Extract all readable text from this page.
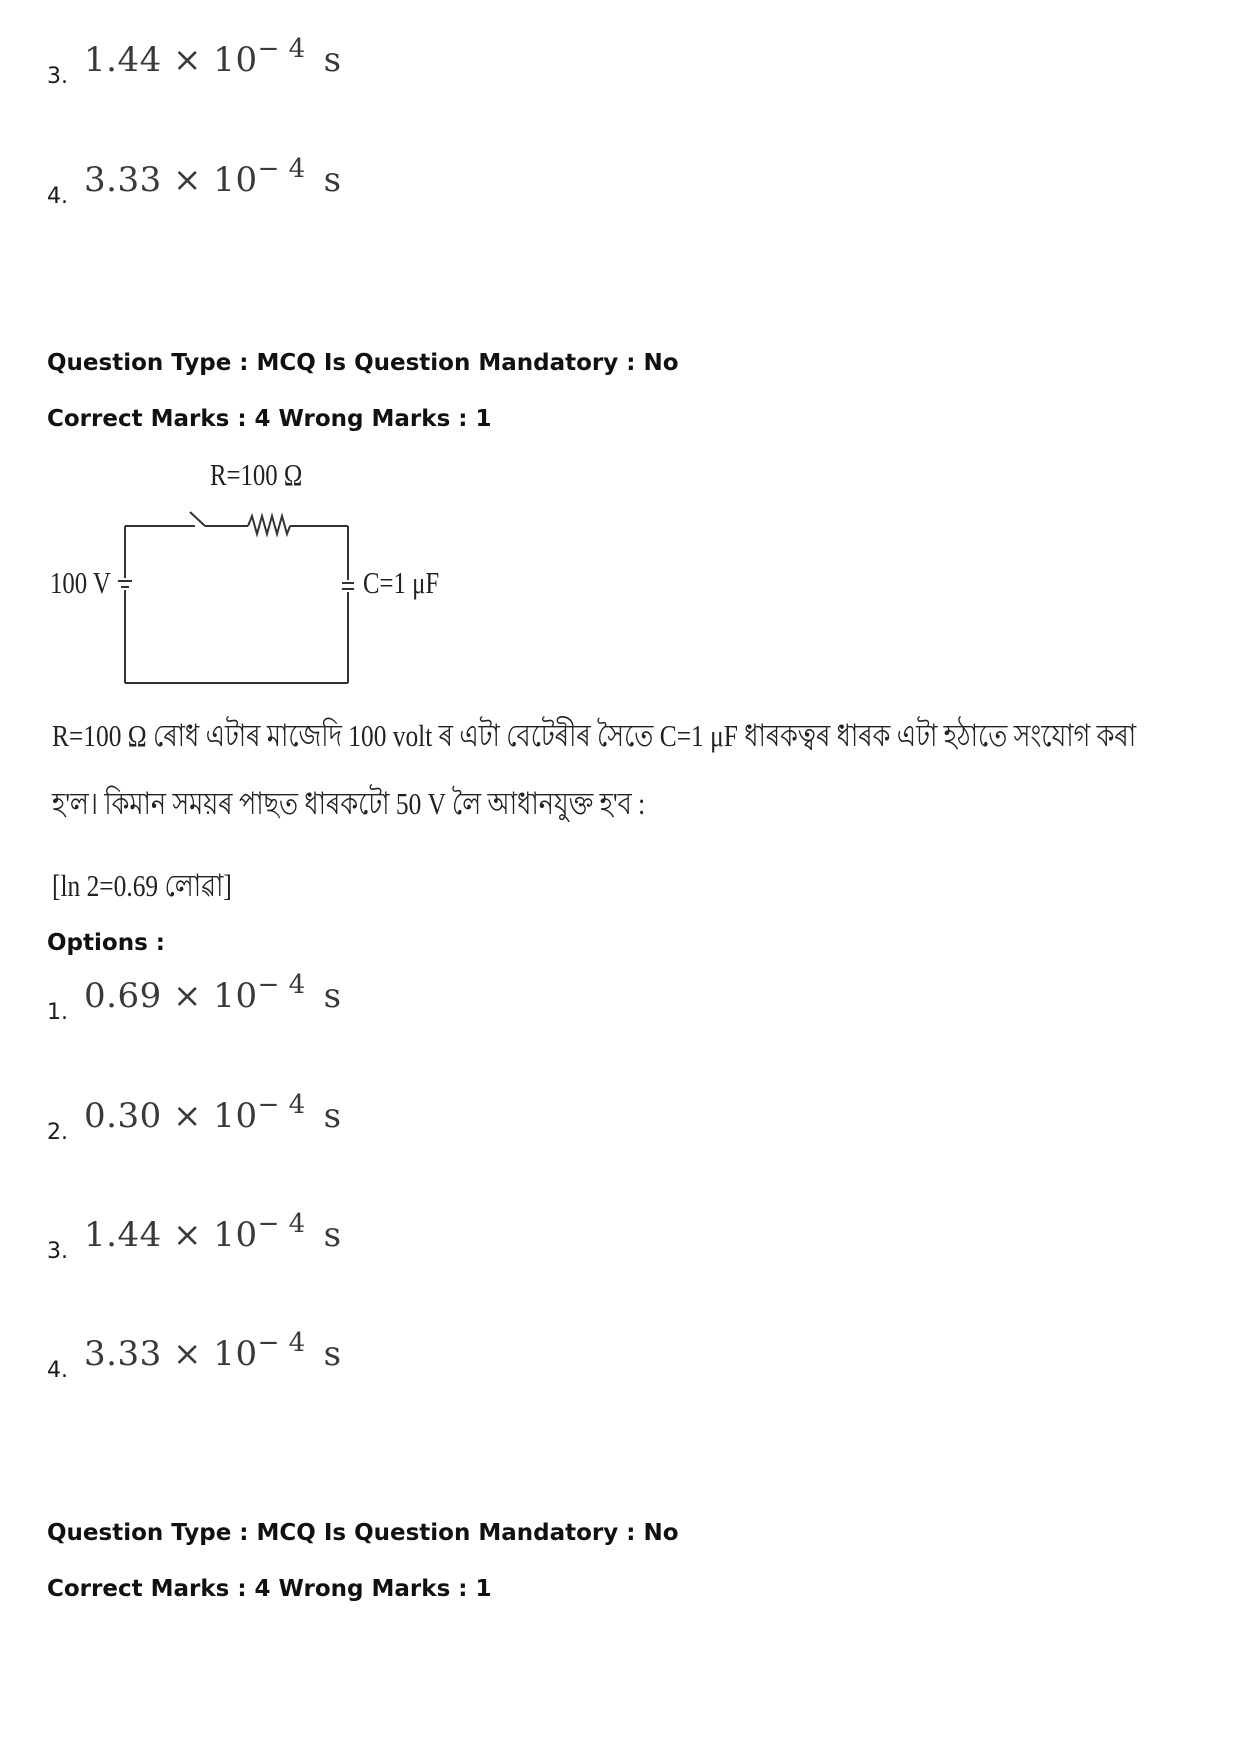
3. $1.44 \times 10^{- 4}$ s
4. $3.33 \times 10^{- 4}$ s
Question Type : MCQ Is Question Mandatory : No
Correct Marks : 4 Wrong Marks : 1
R=100 Ω
100 V	C=1 μF
R=100 Ω ৰোধ এটাৰ মাজেদি 100 volt ৰ এটা বেটেৰীৰ সৈতে C=1 μF ধাৰকত্বৰ ধাৰক এটা হঠাতে সংযোগ কৰা
হ'ল। কিমান সময়ৰ পাছত ধাৰকটো 50 V লৈ আধানযুক্ত হ'ব :
[ln 2=0.69 লোৱা]
Options :
1. $0.69 \times 10^{- 4}$ s
2. $0.30 \times 10^{- 4}$ s
3. $1.44 \times 10^{- 4}$ s
4. $3.33 \times 10^{- 4}$ s
Question Type : MCQ Is Question Mandatory : No
Correct Marks : 4 Wrong Marks : 1
